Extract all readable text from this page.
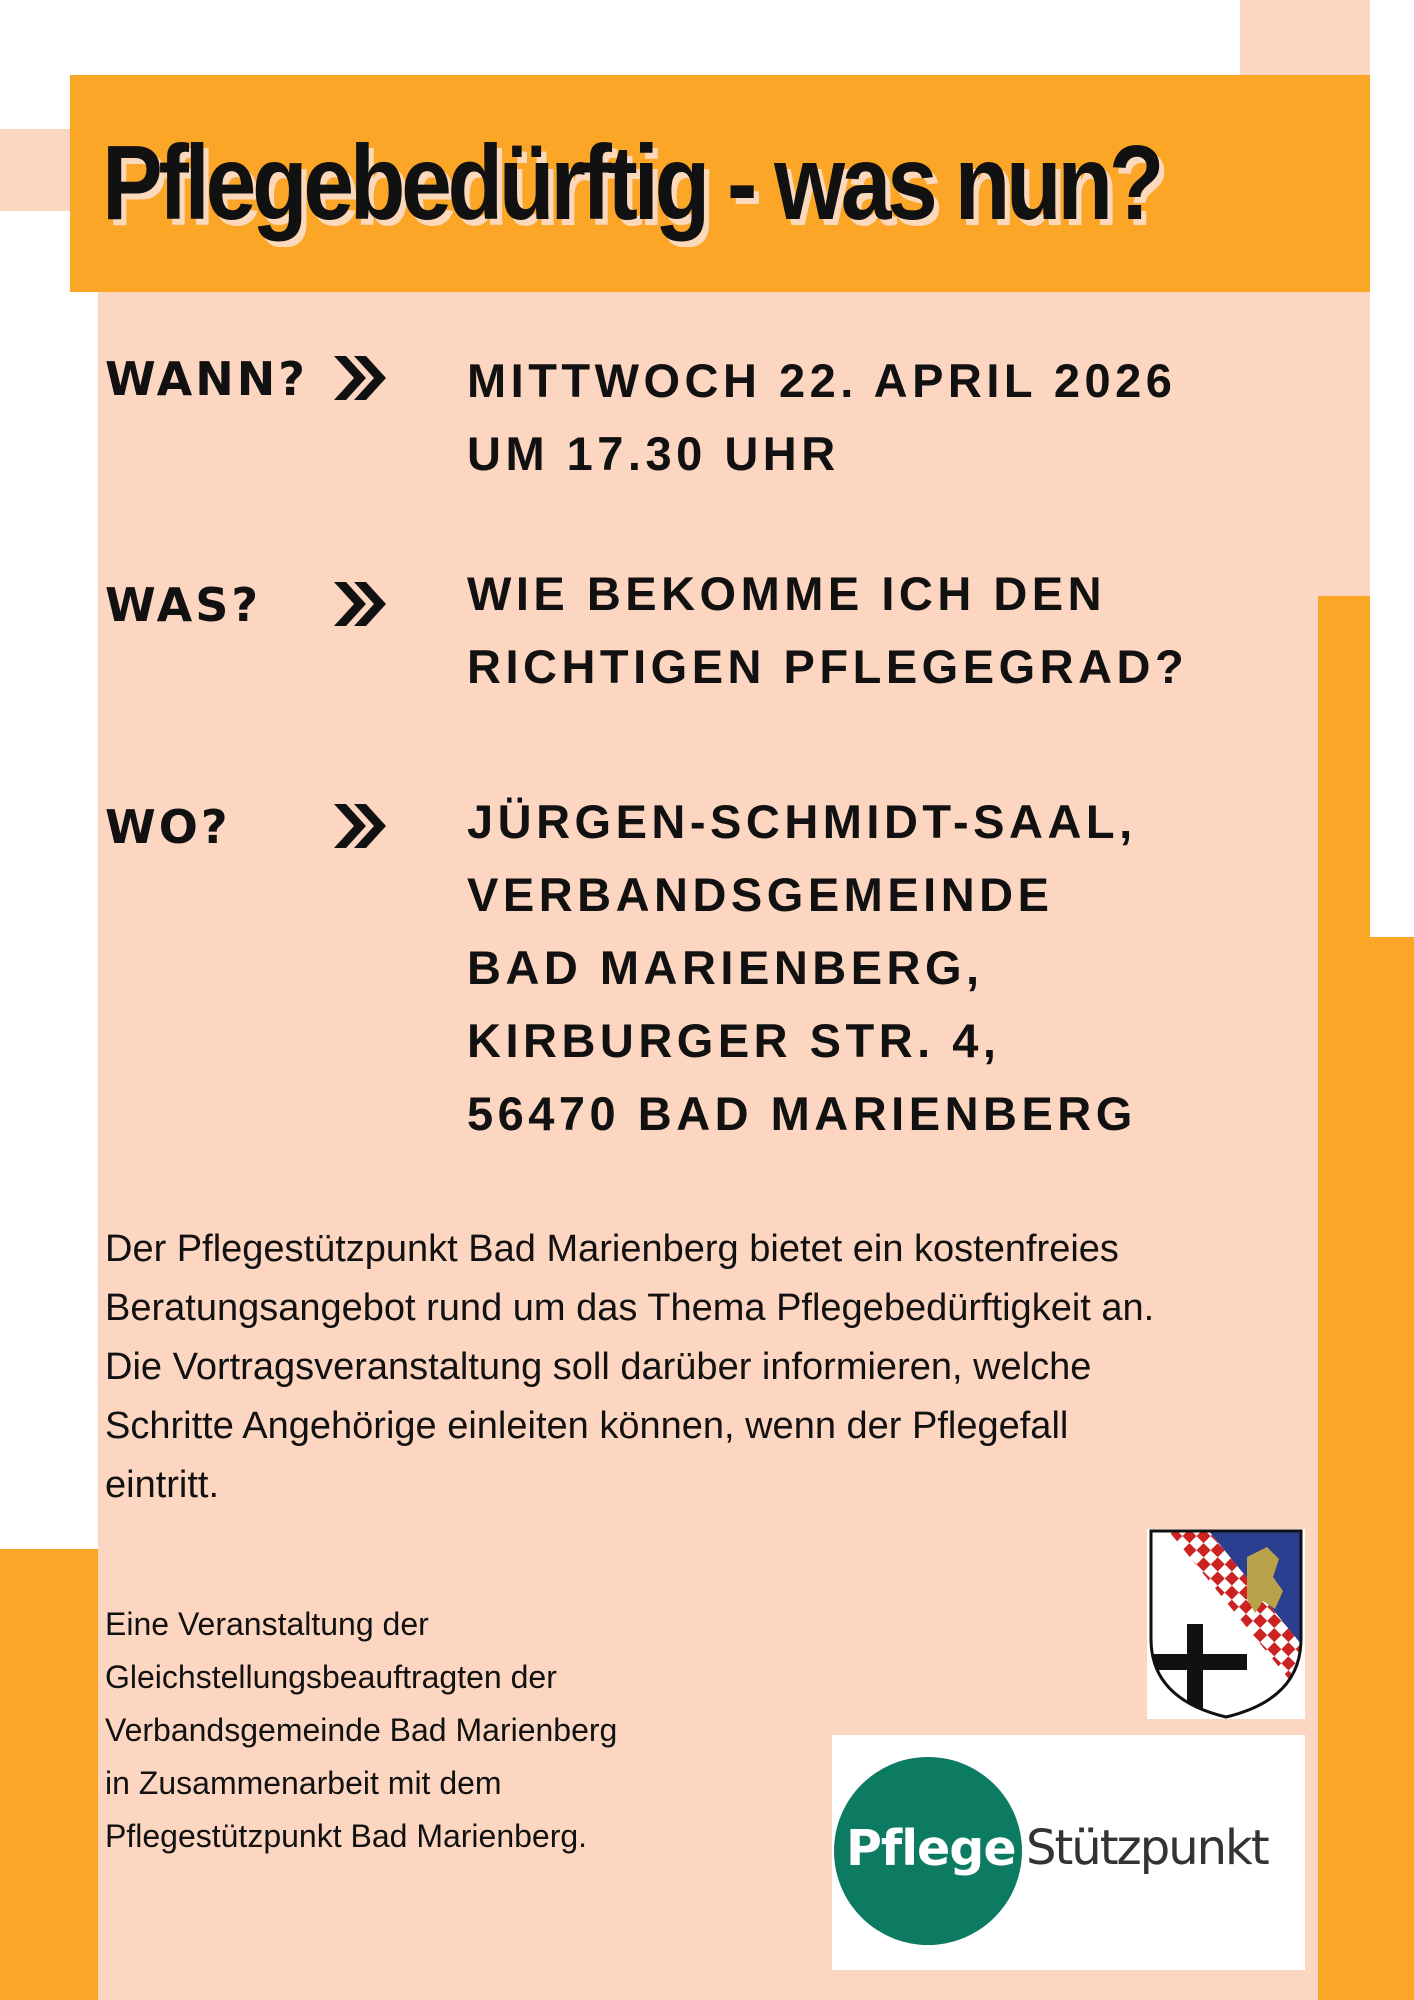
Pflegebedürftig - was nun?
WANN?	MITTWOCH 22. APRIL 2026
UM 17.30 UHR
WAS?	WIE BEKOMME ICH DEN
RICHTIGEN PFLEGEGRAD?
WO?	JÜRGEN-SCHMIDT-SAAL,
VERBANDSGEMEINDE
BAD MARIENBERG,
KIRBURGER STR. 4,
56470 BAD MARIENBERG
Der Pflegestützpunkt Bad Marienberg bietet ein kostenfreies
Beratungsangebot rund um das Thema Pflegebedürftigkeit an.
Die Vortragsveranstaltung soll darüber informieren, welche
Schritte Angehörige einleiten können, wenn der Pflegefall
eintritt.
Eine Veranstaltung der
Gleichstellungsbeauftragten der
Verbandsgemeinde Bad Marienberg
in Zusammenarbeit mit dem
Pflegestützpunkt Bad Marienberg.	Pflege Stützpunkt
